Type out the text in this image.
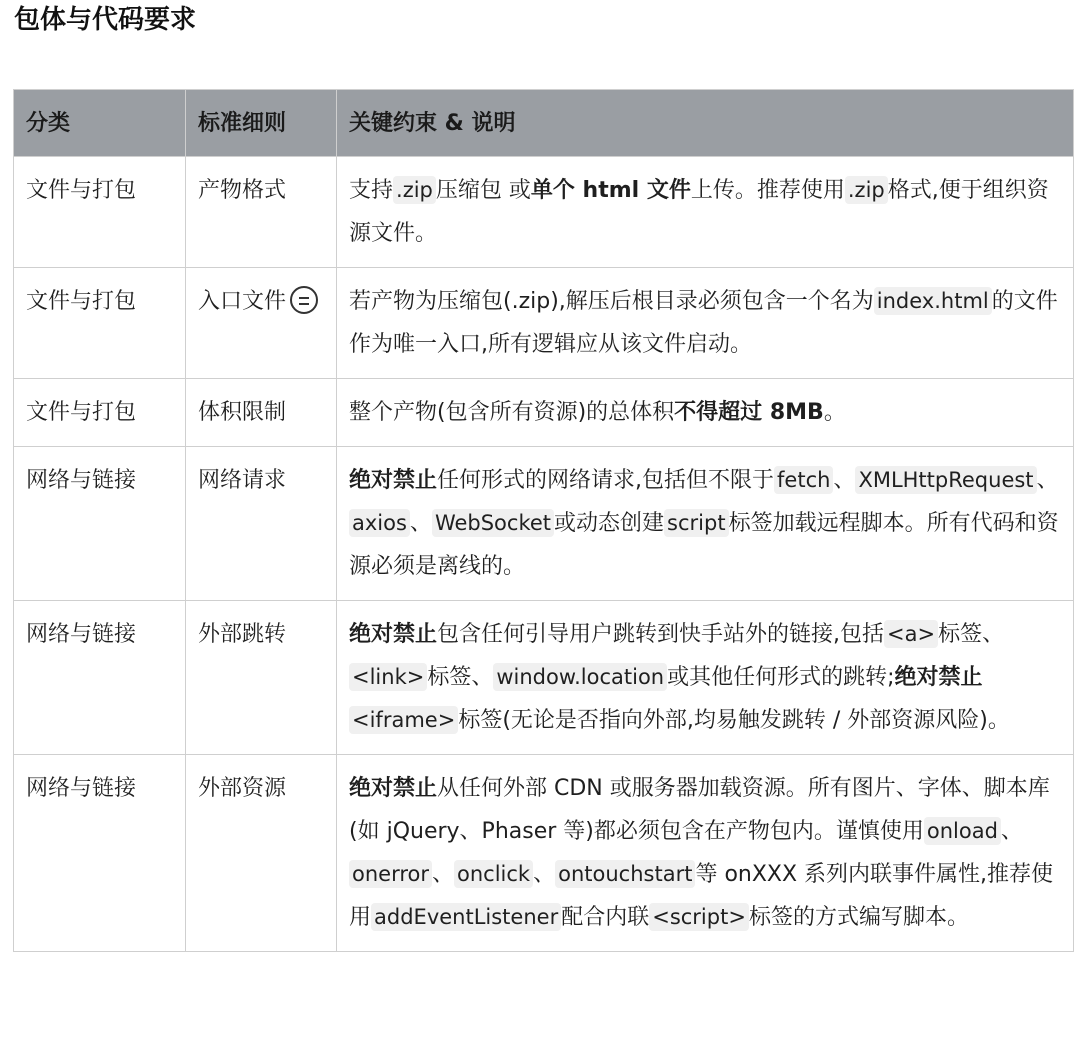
包体与代码要求
分类	标准细则	关键约束 & 说明
文件与打包	产物格式	支持 .zip 压缩包 或单个 html 文件上传。推荐使用 .zip 格式,便于组织资源文件。
文件与打包	入口文件	若产物为压缩包(.zip),解压后根目录必须包含一个名为 index.html 的文件作为唯一入口,所有逻辑应从该文件启动。
文件与打包	体积限制	整个产物(包含所有资源)的总体积不得超过 8MB。
网络与链接	网络请求	绝对禁止任何形式的网络请求,包括但不限于 fetch 、 XMLHttpRequest 、axios 、 WebSocket 或动态创建 script 标签加载远程脚本。所有代码和资源必须是离线的。
网络与链接	外部跳转	绝对禁止包含任何引导用户跳转到快手站外的链接,包括 <a> 标签、<link> 标签、 window.location 或其他任何形式的跳转;绝对禁止<iframe> 标签(无论是否指向外部,均易触发跳转 / 外部资源风险)。
网络与链接	外部资源	绝对禁止从任何外部 CDN 或服务器加载资源。所有图片、字体、脚本库(如 jQuery、Phaser 等)都必须包含在产物包内。谨慎使用 onload 、onerror 、 onclick 、 ontouchstart 等 onXXX 系列内联事件属性,推荐使用 addEventListener 配合内联 <script> 标签的方式编写脚本。
